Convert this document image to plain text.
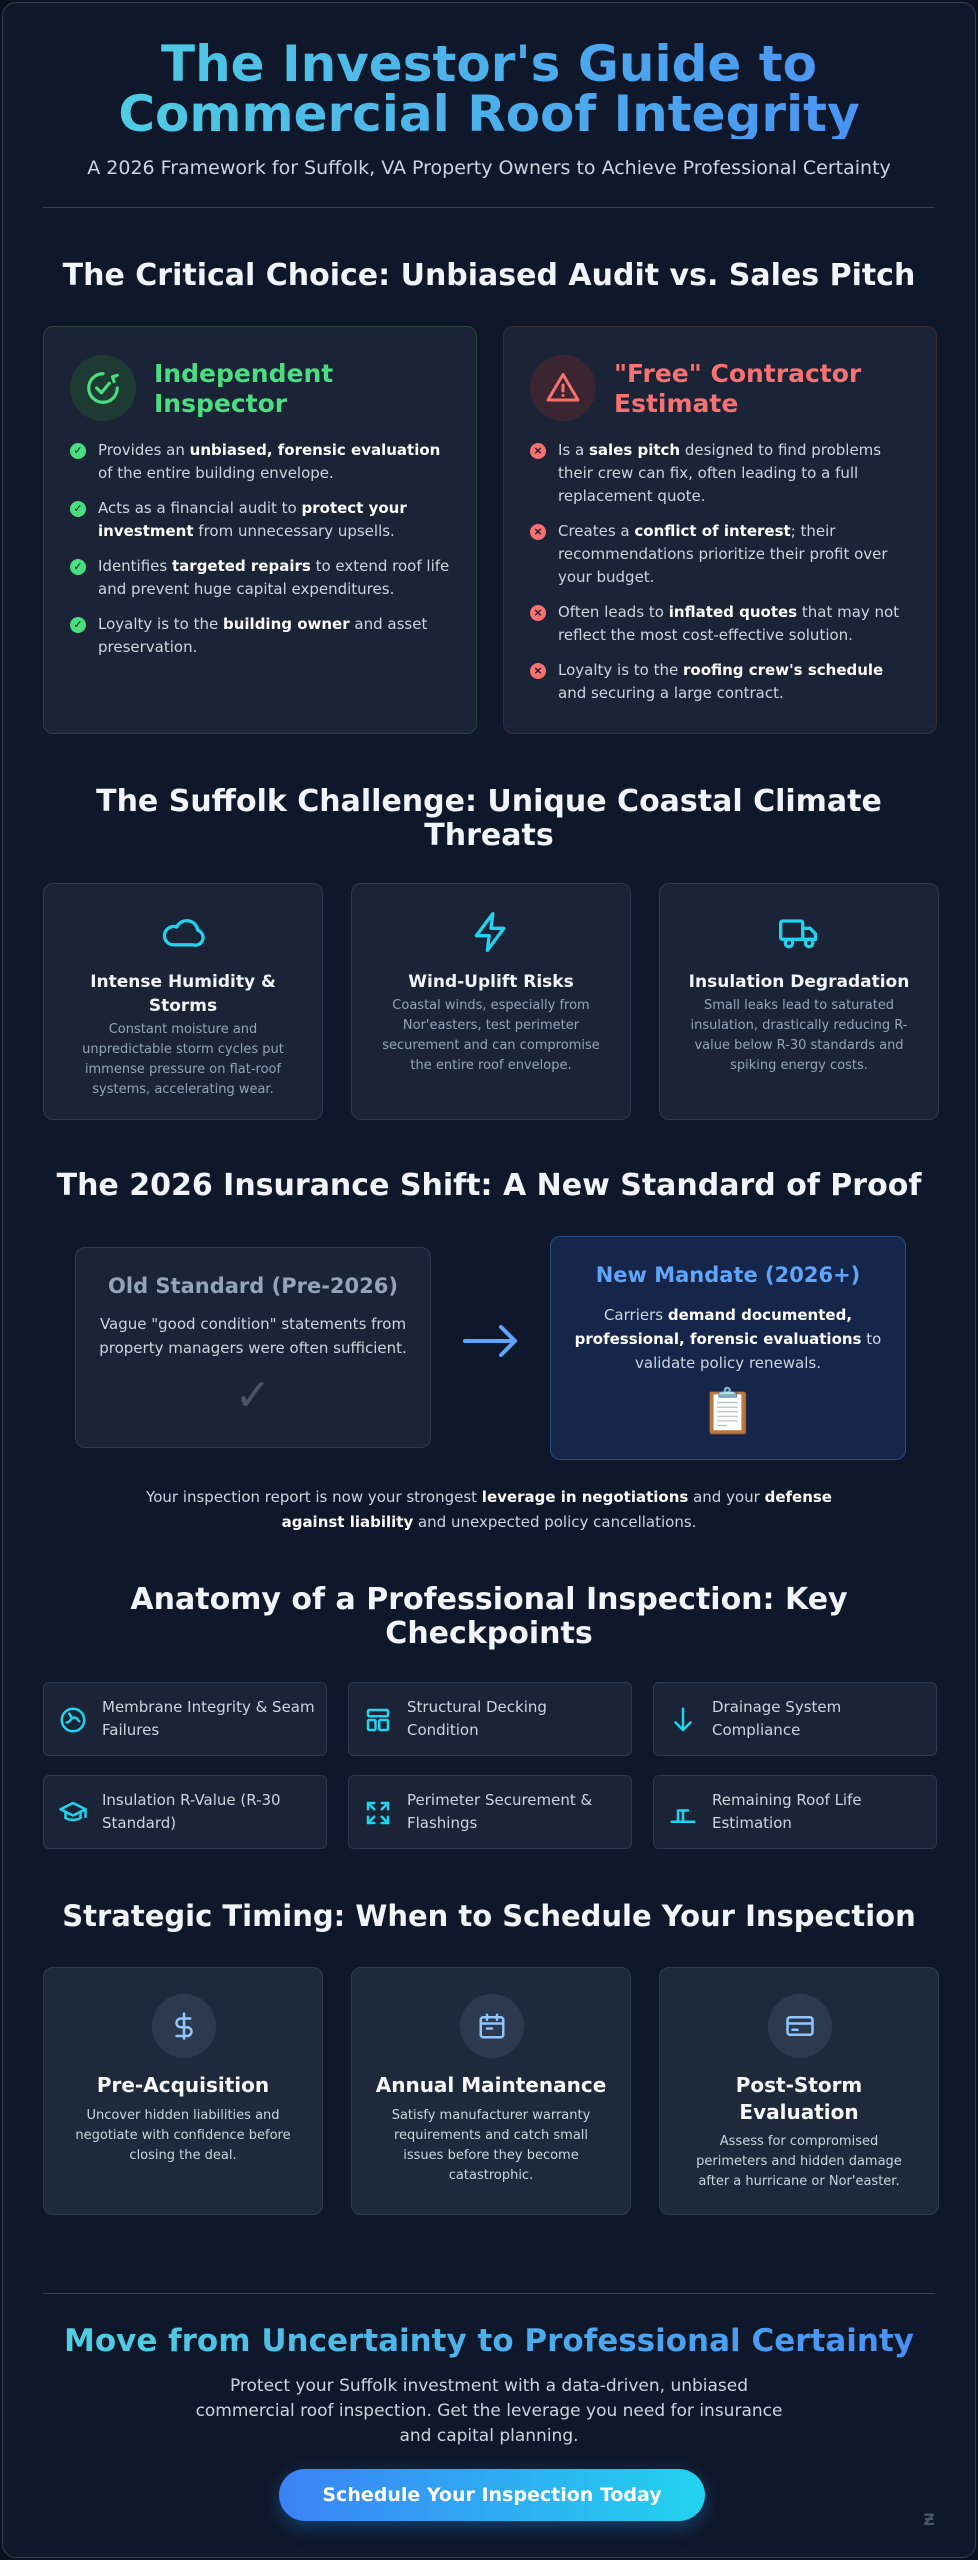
The Investor's Guide to Commercial Roof Integrity

A 2026 Framework for Suffolk, VA Property Owners to Achieve Professional Certainty

The Critical Choice: Unbiased Audit vs. Sales Pitch
Independent Inspector
✓ Provides an unbiased, forensic evaluation of the entire building envelope.
✓ Acts as a financial audit to protect your investment from unnecessary upsells.
✓ Identifies targeted repairs to extend roof life and prevent huge capital expenditures.
✓ Loyalty is to the building owner and asset preservation.
"Free" Contractor Estimate
× Is a sales pitch designed to find problems their crew can fix, often leading to a full replacement quote.
× Creates a conflict of interest; their recommendations prioritize their profit over your budget.
× Often leads to inflated quotes that may not reflect the most cost-effective solution.
× Loyalty is to the roofing crew's schedule and securing a large contract.
The Suffolk Challenge: Unique Coastal Climate Threats
Intense Humidity & Storms
Constant moisture and unpredictable storm cycles put immense pressure on flat-roof systems, accelerating wear.
Wind-Uplift Risks
Coastal winds, especially from Nor'easters, test perimeter securement and can compromise the entire roof envelope.
Insulation Degradation
Small leaks lead to saturated insulation, drastically reducing R-value below R-30 standards and spiking energy costs.
The 2026 Insurance Shift: A New Standard of Proof
Old Standard (Pre-2026)
Vague "good condition" statements from property managers were often sufficient.
✓
New Mandate (2026+)
Carriers demand documented, professional, forensic evaluations to validate policy renewals.
📋

Your inspection report is now your strongest leverage in negotiations and your defense against liability and unexpected policy cancellations.

Anatomy of a Professional Inspection: Key Checkpoints
Membrane Integrity & Seam Failures
Structural Decking Condition
Drainage System Compliance
Insulation R-Value (R-30 Standard)
Perimeter Securement & Flashings
Remaining Roof Life Estimation
Strategic Timing: When to Schedule Your Inspection
Pre-Acquisition
Uncover hidden liabilities and negotiate with confidence before closing the deal.
Annual Maintenance
Satisfy manufacturer warranty requirements and catch small issues before they become catastrophic.
Post-Storm Evaluation
Assess for compromised perimeters and hidden damage after a hurricane or Nor'easter.
Move from Uncertainty to Professional Certainty

Protect your Suffolk investment with a data-driven, unbiased commercial roof inspection. Get the leverage you need for insurance and capital planning.

Schedule Your Inspection Today
Ƶ
